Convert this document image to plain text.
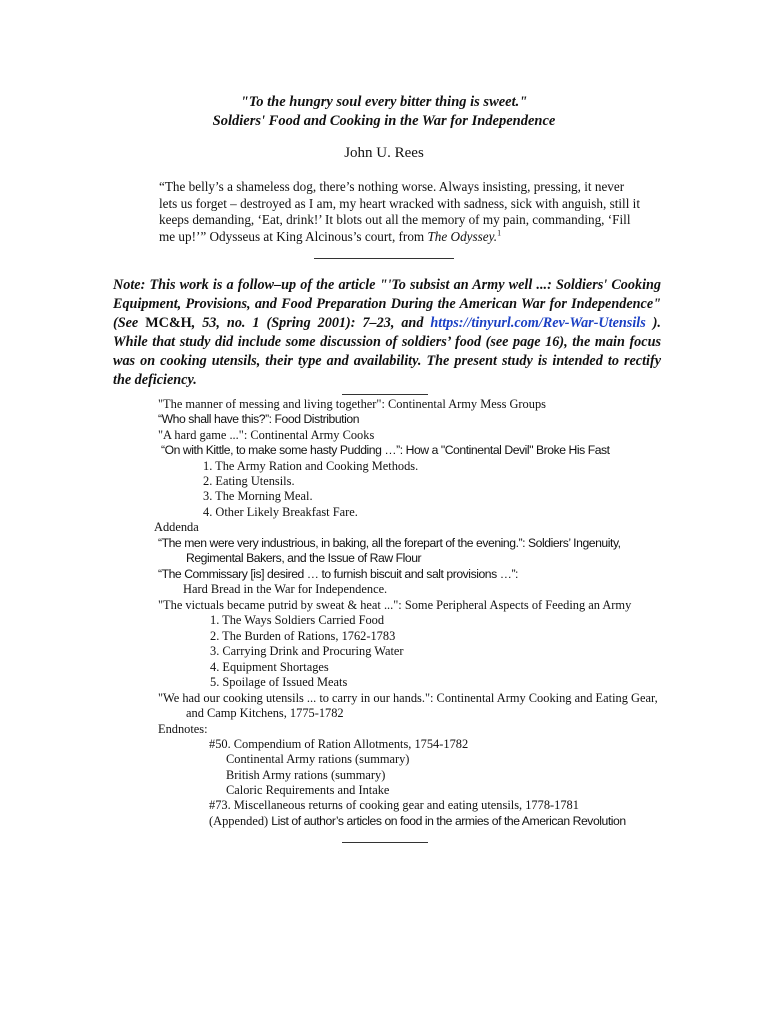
"To the hungry soul every bitter thing is sweet."
Soldiers' Food and Cooking in the War for Independence
John U. Rees
“The belly’s a shameless dog, there’s nothing worse. Always insisting, pressing, it never
lets us forget – destroyed as I am, my heart wracked with sadness, sick with anguish, still it
keeps demanding, ‘Eat, drink!’ It blots out all the memory of my pain, commanding, ‘Fill
me up!’” Odysseus at King Alcinous’s court, from The Odyssey.$^1$
Note: This work is a follow–up of the article "'To subsist an Army well ...: Soldiers' Cooking Equipment, Provisions, and Food Preparation During the American War for Independence" (See MC&H, 53, no. 1 (Spring 2001): 7–23, and https://tinyurl.com/Rev-War-Utensils ). While that study did include some discussion of soldiers’ food (see page 16), the main focus was on cooking utensils, their type and availability. The present study is intended to rectify the deficiency.
"The manner of messing and living together": Continental Army Mess Groups
“Who shall have this?”: Food Distribution
"A hard game ...": Continental Army Cooks
“On with Kittle, to make some hasty Pudding …”: How a "Continental Devil" Broke His Fast
1. The Army Ration and Cooking Methods.
2. Eating Utensils.
3. The Morning Meal.
4. Other Likely Breakfast Fare.
Addenda
“The men were very industrious, in baking, all the forepart of the evening.”: Soldiers’ Ingenuity,
Regimental Bakers, and the Issue of Raw Flour
“The Commissary [is] desired … to furnish biscuit and salt provisions …”:
Hard Bread in the War for Independence.
"The victuals became putrid by sweat & heat ...": Some Peripheral Aspects of Feeding an Army
1. The Ways Soldiers Carried Food
2. The Burden of Rations, 1762-1783
3. Carrying Drink and Procuring Water
4. Equipment Shortages
5. Spoilage of Issued Meats
"We had our cooking utensils ... to carry in our hands.": Continental Army Cooking and Eating Gear,
and Camp Kitchens, 1775-1782
Endnotes:
#50. Compendium of Ration Allotments, 1754-1782
Continental Army rations (summary)
British Army rations (summary)
Caloric Requirements and Intake
#73. Miscellaneous returns of cooking gear and eating utensils, 1778-1781
(Appended) List of author’s articles on food in the armies of the American Revolution
